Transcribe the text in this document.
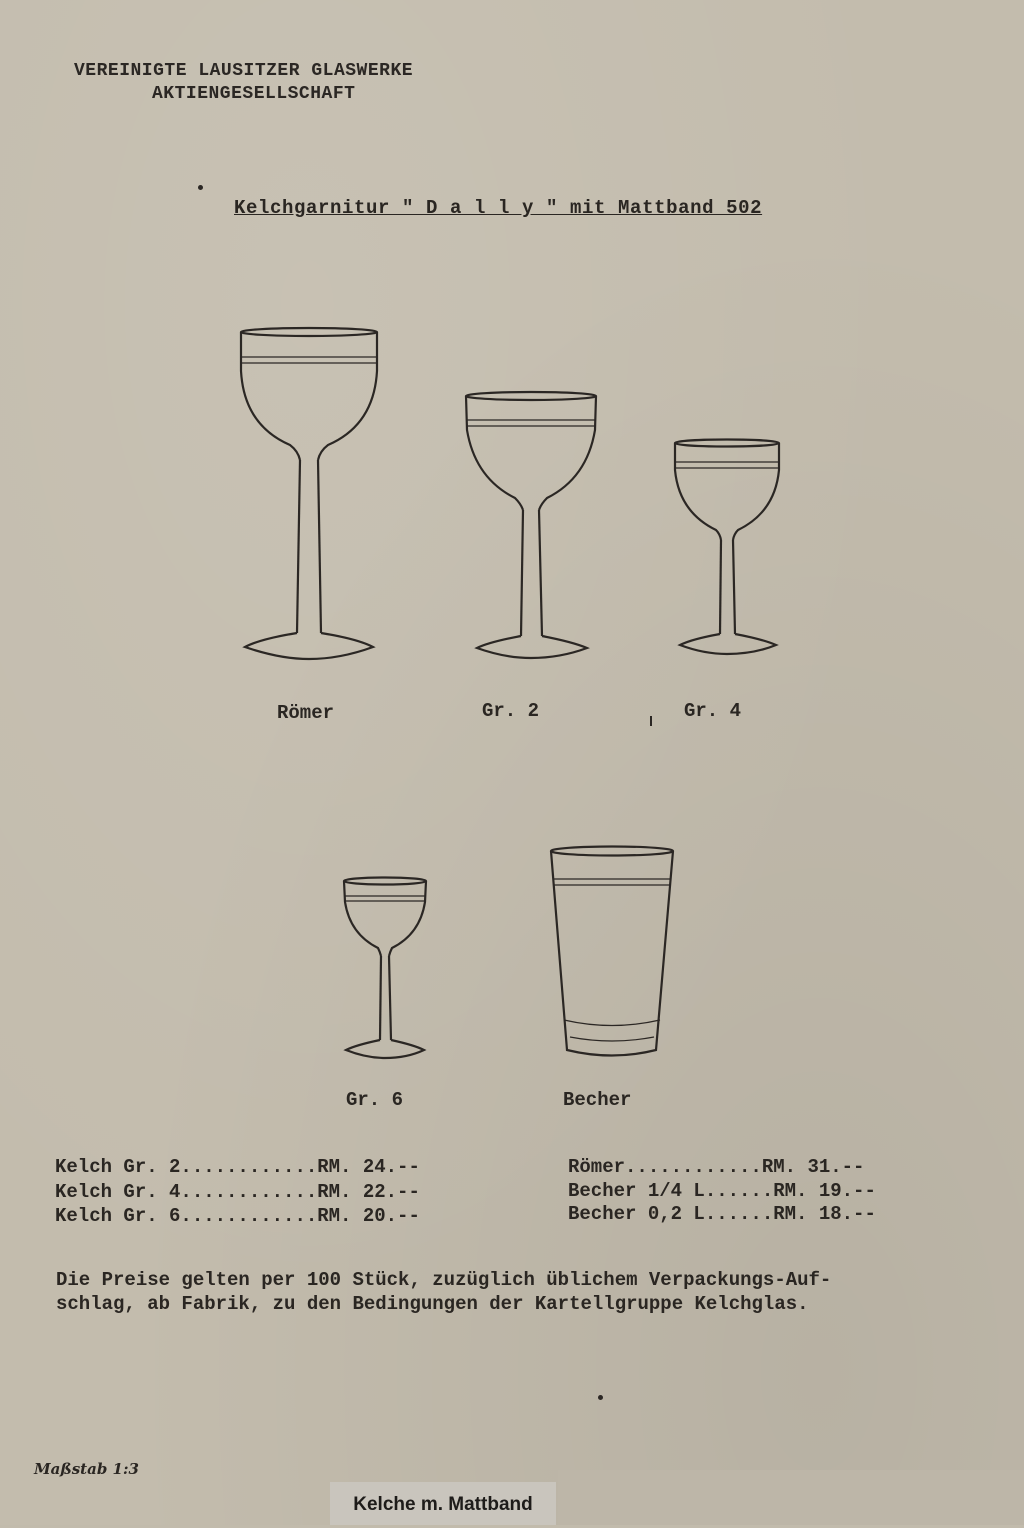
VEREINIGTE LAUSITZER GLASWERKE
AKTIENGESELLSCHAFT
Kelchgarnitur " D a l l y " mit Mattband 502
Römer	Gr. 2	Gr. 4
Gr. 6	Becher
Kelch Gr. 2............RM. 24.--
Kelch Gr. 4............RM. 22.--
Kelch Gr. 6............RM. 20.--
Römer............RM. 31.--
Becher 1/4 L......RM. 19.--
Becher 0,2 L......RM. 18.--
Die Preise gelten per 100 Stück, zuzüglich üblichem Verpackungs-Auf-
schlag, ab Fabrik, zu den Bedingungen der Kartellgruppe Kelchglas.
Maßstab 1:3
Kelche m. Mattband
